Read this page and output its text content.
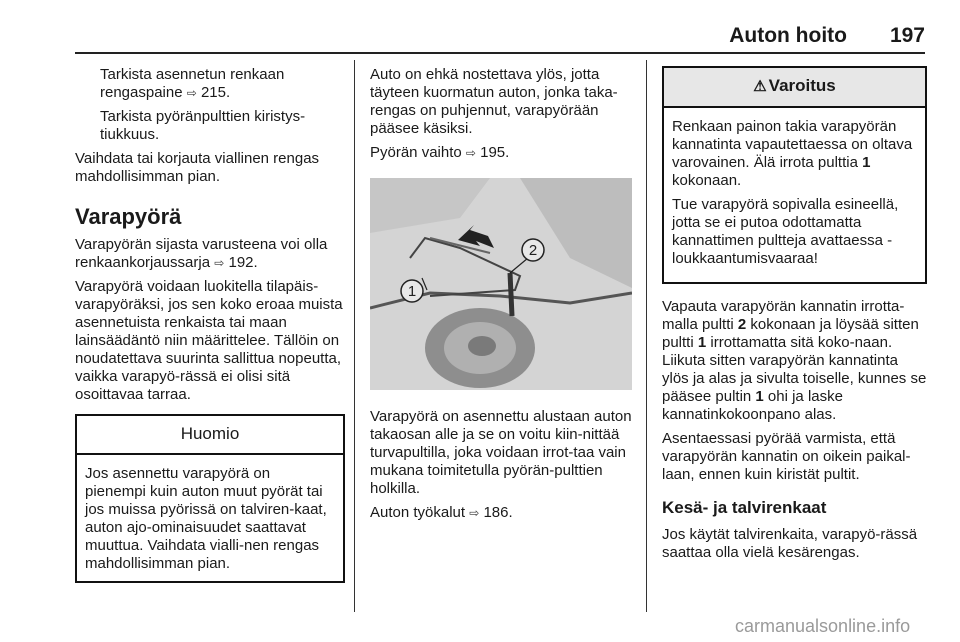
Auton hoito 197
Tarkista asennetun renkaan
rengaspaine ⇨ 215.
Tarkista pyöränpulttien kiristys-
tiukkuus.
Vaihdata tai korjauta viallinen rengas mahdollisimman pian.
Varapyörä
Varapyörän sijasta varusteena voi olla renkaankorjaussarja ⇨ 192.
Varapyörä voidaan luokitella tilapäis-varapyöräksi, jos sen koko eroaa muista asennetuista renkaista tai maan lainsäädäntö niin määrittelee. Tällöin on noudatettava suurinta sallittua nopeutta, vaikka varapyö-rässä ei olisi sitä osoittavaa tarraa.
Huomio
Jos asennettu varapyörä on pienempi kuin auton muut pyörät tai jos muissa pyörissä on talviren-kaat, auton ajo-ominaisuudet saattavat muuttua. Vaihdata vialli-nen rengas mahdollisimman pian.
Auto on ehkä nostettava ylös, jotta täyteen kuormatun auton, jonka taka-rengas on puhjennut, varapyörään pääsee käsiksi.
Pyörän vaihto ⇨ 195.
2
1
Varapyörä on asennettu alustaan auton takaosan alle ja se on voitu kiin-nittää turvapultilla, joka voidaan irrot-taa vain mukana toimitetulla pyörän-pulttien holkilla.
Auton työkalut ⇨ 186.
⚠ Varoitus
Renkaan painon takia varapyörän kannatinta vapautettaessa on oltava varovainen. Älä irrota pulttia 1 kokonaan.
Tue varapyörä sopivalla esineellä, jotta se ei putoa odottamatta kannattimen pultteja avattaessa - loukkaantumisvaaraa!
Vapauta varapyörän kannatin irrotta-malla pultti 2 kokonaan ja löysää sitten pultti 1 irrottamatta sitä koko-naan. Liikuta sitten varapyörän kannatinta ylös ja alas ja sivulta toiselle, kunnes se pääsee pultin 1 ohi ja laske kannatinkokoonpano alas.
Asentaessasi pyörää varmista, että varapyörän kannatin on oikein paikal-laan, ennen kuin kiristät pultit.
Kesä- ja talvirenkaat
Jos käytät talvirenkaita, varapyö-rässä saattaa olla vielä kesärengas.
carmanualsonline.info
